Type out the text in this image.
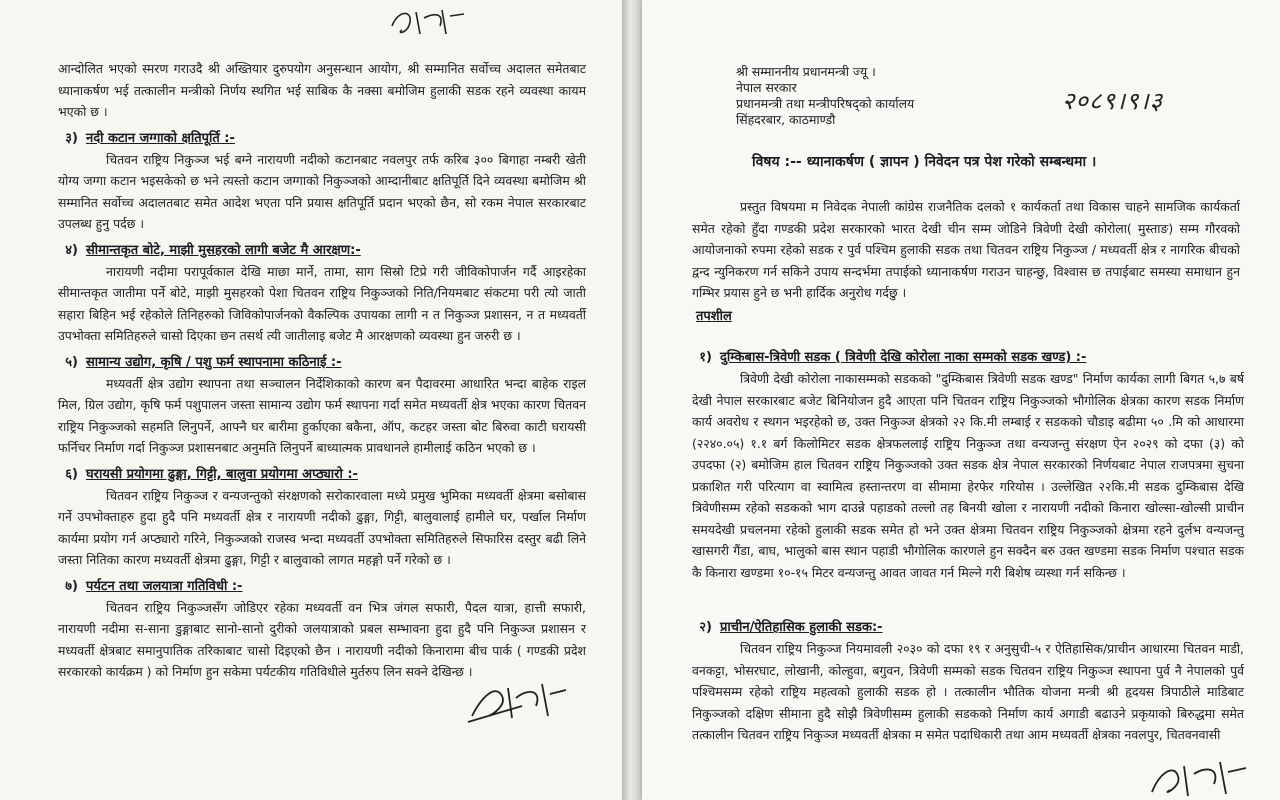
आन्दोलित भएको स्मरण गराउदै श्री अख्तियार दुरुपयोग अनुसन्धान आयोग, श्री सम्मानित सर्वोच्च अदालत समेतबाट ध्यानाकर्षण भई तत्कालीन मन्त्रीको निर्णय स्थगित भई साबिक कै नक्सा बमोजिम हुलाकी सडक रहने व्यवस्था कायम भएको छ ।

३) नदी कटान जग्गाको क्षतिपूर्ति :-

चितवन राष्ट्रिय निकुञ्ज भई बग्ने नारायणी नदीको कटानबाट नवलपुर तर्फ करिब ३०० बिगाहा नम्बरी खेती योग्य जग्गा कटान भइसकेको छ भने त्यस्तो कटान जग्गाको निकुञ्जको आम्दानीबाट क्षतिपूर्ति दिने व्यवस्था बमोजिम श्री सम्मानित सर्वोच्च अदालतबाट समेत आदेश भएता पनि प्रयास क्षतिपूर्ति प्रदान भएको छैन, सो रकम नेपाल सरकारबाट उपलब्ध हुनु पर्दछ ।

४) सीमान्तकृत बोटे, माझी मुसहरको लागी बजेट मै आरक्षण:-

नारायणी नदीमा परापूर्वकाल देखि माछा मार्ने, तामा, साग सिस्रो टिप्रे गरी जीविकोपार्जन गर्दै आइरहेका सीमान्तकृत जातीमा पर्ने बोटे, माझी मुसहरको पेशा चितवन राष्ट्रिय निकुञ्जको निति/नियमबाट संकटमा परी त्यो जाती सहारा बिहिन भई रहेकोले तिनिहरुको जिविकोपार्जनको वैकल्पिक उपायका लागी न त निकुञ्ज प्रशासन, न त मध्यवर्ती उपभोक्ता समितिहरुले चासो दिएका छन तसर्थ त्यी जातीलाइ बजेट मै आरक्षणको व्यवस्था हुन जरुरी छ ।

५) सामान्य उद्योग, कृषि / पशु फर्म स्थापनामा कठिनाई :-

मध्यवर्ती क्षेत्र उद्योग स्थापना तथा सञ्चालन निर्देशिकाको कारण बन पैदावरमा आधारित भन्दा बाहेक राइल मिल, ग्रिल उद्योग, कृषि फर्म पशुपालन जस्ता सामान्य उद्योग फर्म स्थापना गर्दा समेत मध्यवर्ती क्षेत्र भएका कारण चितवन राष्ट्रिय निकुञ्जको सहमति लिनुपर्ने, आफ्नै घर बारीमा हुर्काएका बकैना, ऑप, कटहर जस्ता बोट बिरुवा काटी घरायसी फर्निचर निर्माण गर्दा निकुञ्ज प्रशासनबाट अनुमति लिनुपर्ने बाध्यात्मक प्रावधानले हामीलाई कठिन भएको छ ।

६) घरायसी प्रयोगमा ढुङ्गा, गिट्टी, बालुवा प्रयोगमा अप्ठ्यारो :-

चितवन राष्ट्रिय निकुञ्ज र वन्यजन्तुको संरक्षणको सरोकारवाला मध्ये प्रमुख भुमिका मध्यवर्ती क्षेत्रमा बसोबास गर्ने उपभोक्ताहरु हुदा हुदै पनि मध्यवर्ती क्षेत्र र नारायणी नदीको ढुङ्गा, गिट्टी, बालुवालाई हामीले घर, पर्खाल निर्माण कार्यमा प्रयोग गर्न अप्ठ्यारो गरिने, निकुञ्जको राजस्व भन्दा मध्यवर्ती उपभोक्ता समितिहरुले सिफारिस दस्तुर बढी लिने जस्ता नितिका कारण मध्यवर्ती क्षेत्रमा ढुङ्गा, गिट्टी र बालुवाको लागत महङ्गो पर्ने गरेको छ ।

७) पर्यटन तथा जलयात्रा गतिविधी :-

चितवन राष्ट्रिय निकुञ्जसँग जोडिएर रहेका मध्यवर्ती वन भित्र जंगल सफारी, पैदल यात्रा, हात्ती सफारी, नारायणी नदीमा स-साना डुङ्गाबाट सानो-सानो दुरीको जलयात्राको प्रबल सम्भावना हुदा हुदै पनि निकुञ्ज प्रशासन र मध्यवर्ती क्षेत्रबाट समानुपातिक तरिकाबाट चासो दिइएको छैन । नारायणी नदीको किनारामा बीच पार्क ( गण्डकी प्रदेश सरकारको कार्यक्रम ) को निर्माण हुन सकेमा पर्यटकीय गतिविधीले मुर्तरुप लिन सक्ने देखिन्छ ।

श्री सम्माननीय प्रधानमन्त्री ज्यू ।

नेपाल सरकार

प्रधानमन्त्री तथा मन्त्रीपरिषद्को कार्यालय

सिंहदरबार, काठमाण्डौ

२०८९।९।३
विषय :-- ध्यानाकर्षण ( ज्ञापन ) निवेदन पत्र पेश गरेको सम्बन्धमा ।

प्रस्तुत विषयमा म निवेदक नेपाली कांग्रेस राजनैतिक दलको १ कार्यकर्ता तथा विकास चाहने सामजिक कार्यकर्ता समेत रहेको हुँदा गण्डकी प्रदेश सरकारको भारत देखी चीन सम्म जोडिने त्रिवेणी देखी कोरोला( मुस्ताङ) सम्म गौरवको आयोजनाको रुपमा रहेको सडक र पुर्व पश्चिम हुलाकी सडक तथा चितवन राष्ट्रिय निकुञ्ज / मध्यवर्ती क्षेत्र र नागरिक बीचको द्वन्द न्युनिकरण गर्न सकिने उपाय सन्दर्भमा तपाईको ध्यानाकर्षण गराउन चाहन्छु, विश्वास छ तपाईबाट समस्या समाधान हुन गम्भिर प्रयास हुने छ भनी हार्दिक अनुरोध गर्दछु ।

तपशील

१) दुम्किबास-त्रिवेणी सडक ( त्रिवेणी देखि कोरोला नाका सम्मको सडक खण्ड) :-

त्रिवेणी देखी कोरोला नाकासम्मको सडकको "दुम्किबास त्रिवेणी सडक खण्ड" निर्माण कार्यका लागी बिगत ५,७ बर्ष देखी नेपाल सरकारबाट बजेट बिनियोजन हुदै आएता पनि चितवन राष्ट्रिय निकुञ्जको भौगोलिक क्षेत्रका कारण सडक निर्माण कार्य अवरोध र स्थगन भइरहेको छ, उक्त निकुञ्ज क्षेत्रको २२ कि.मी लम्बाई र सडकको चौडाइ बढीमा ५० .मि को आधारमा (२२४०.०५) १.१ बर्ग किलोमिटर सडक क्षेत्रफललाई राष्ट्रिय निकुञ्ज तथा वन्यजन्तु संरक्षण ऐन २०२९ को दफा (३) को उपदफा (२) बमोजिम हाल चितवन राष्ट्रिय निकुञ्जको उक्त सडक क्षेत्र नेपाल सरकारको निर्णयबाट नेपाल राजपत्रमा सुचना प्रकाशित गरी परित्याग वा स्वामित्व हस्तान्तरण वा सीमामा हेरफेर गरियोस । उल्लेखित २२कि.मी सडक दुम्किबास देखि त्रिवेणीसम्म रहेको सडकको भाग दाउन्ने पहाडको तल्लो तह बिनयी खोला र नारायणी नदीको किनारा खोल्सा-खोल्सी प्राचीन समयदेखी प्रचलनमा रहेको हुलाकी सडक समेत हो भने उक्त क्षेत्रमा चितवन राष्ट्रिय निकुञ्जको क्षेत्रमा रहने दुर्लभ वन्यजन्तु खासगरी गैंडा, बाघ, भालुको बास स्थान पहाडी भौगोलिक कारणले हुन सक्दैन बरु उक्त खण्डमा सडक निर्माण पश्चात सडक कै किनारा खण्डमा १०-१५ मिटर वन्यजन्तु आवत जावत गर्न मिल्ने गरी बिशेष व्यस्था गर्न सकिन्छ ।

२) प्राचीन/ऐतिहासिक हुलाकी सडक:-

चितवन राष्ट्रिय निकुञ्ज नियमावली २०३० को दफा १९ र अनुसुची-५ र ऐतिहासिक/प्राचीन आधारमा चितवन माडी, वनकट्टा, भोसरघाट, लोखानी, कोल्हुवा, बगुवन, त्रिवेणी सम्मको सडक चितवन राष्ट्रिय निकुञ्ज स्थापना पुर्व नै नेपालको पुर्व पश्चिमसम्म रहेको राष्ट्रिय महत्वको हुलाकी सडक हो । तत्कालीन भौतिक योजना मन्त्री श्री हृदयस त्रिपाठीले माडिबाट निकुञ्जको दक्षिण सीमाना हुदै सोझै त्रिवेणीसम्म हुलाकी सडकको निर्माण कार्य अगाडी बढाउने प्रकृयाको बिरुद्धमा समेत तत्कालीन चितवन राष्ट्रिय निकुञ्ज मध्यवर्ती क्षेत्रका म समेत पदाधिकारी तथा आम मध्यवर्ती क्षेत्रका नवलपुर, चितवनवासी
